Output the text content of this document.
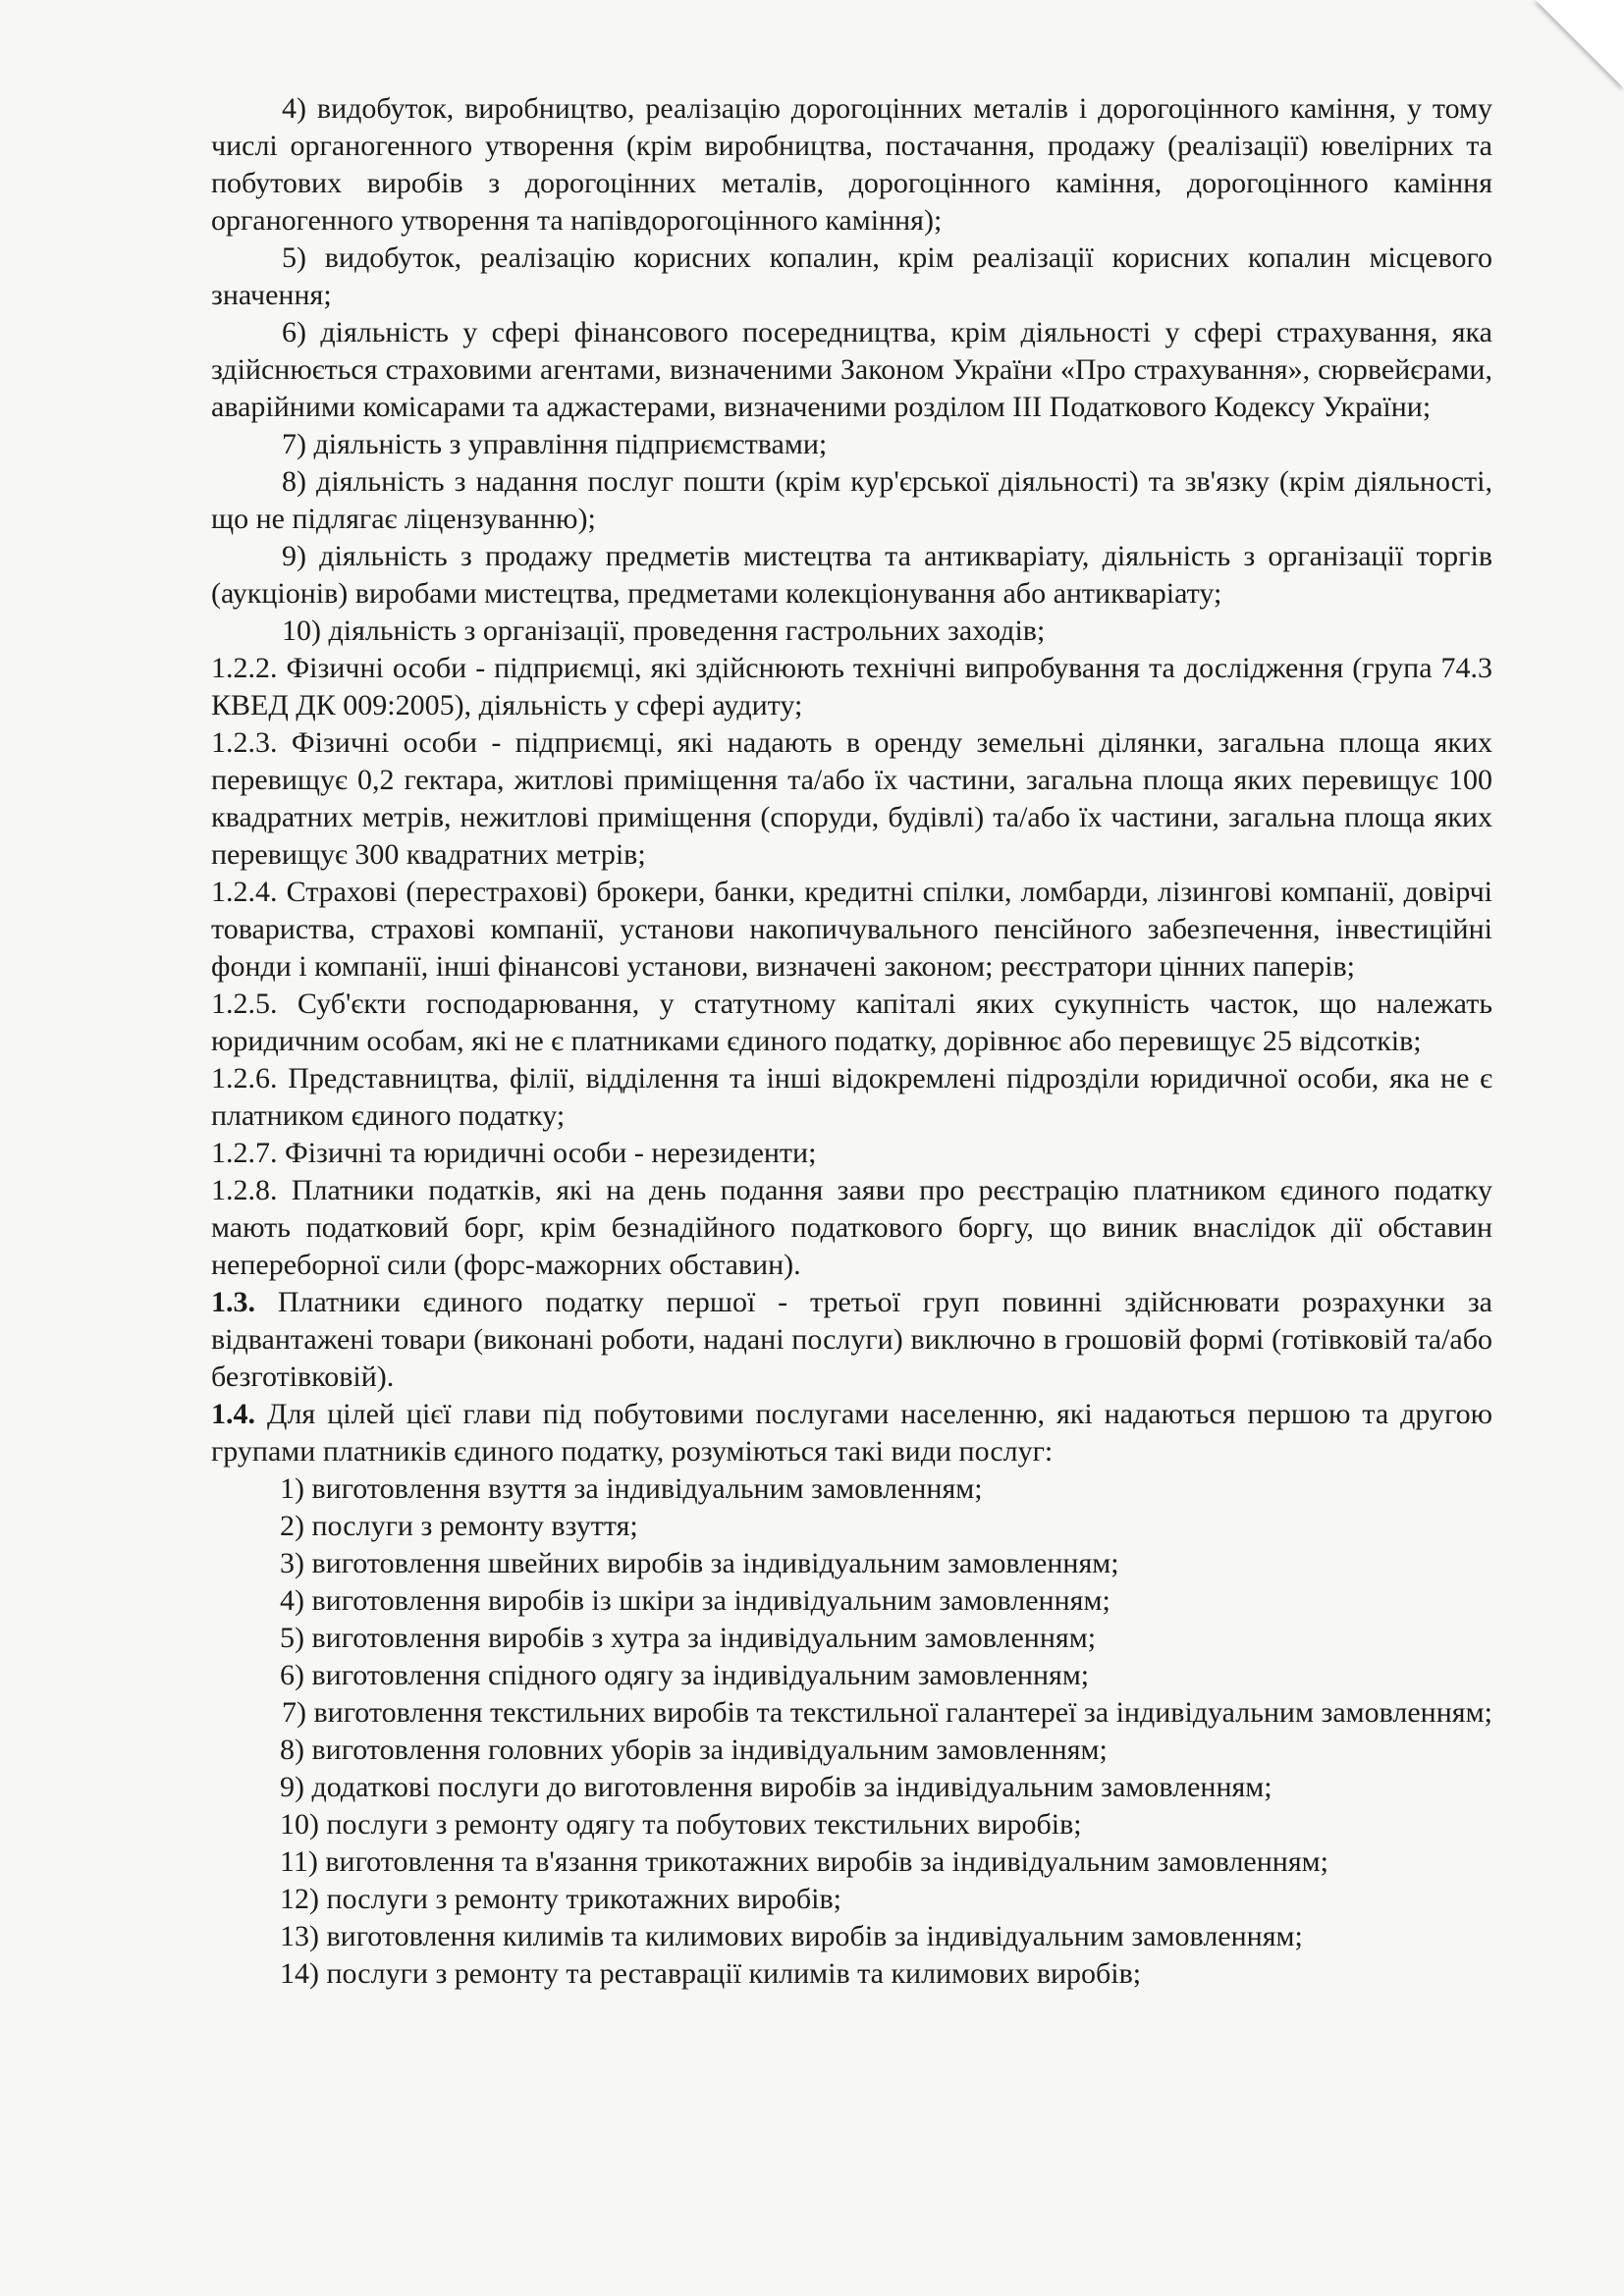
4) видобуток, виробництво, реалізацію дорогоцінних металів і дорогоцінного каміння, у тому числі органогенного утворення (крім виробництва, постачання, продажу (реалізації) ювелірних та побутових виробів з дорогоцінних металів, дорогоцінного каміння, дорогоцінного каміння органогенного утворення та напівдорогоцінного каміння);

5) видобуток, реалізацію корисних копалин, крім реалізації корисних копалин місцевого значення;

6) діяльність у сфері фінансового посередництва, крім діяльності у сфері страхування, яка здійснюється страховими агентами, визначеними Законом України «Про страхування», сюрвейєрами, аварійними комісарами та аджастерами, визначеними розділом III Податкового Кодексу України;

7) діяльність з управління підприємствами;

8) діяльність з надання послуг пошти (крім кур'єрської діяльності) та зв'язку (крім діяльності, що не підлягає ліцензуванню);

9) діяльність з продажу предметів мистецтва та антикваріату, діяльність з організації торгів (аукціонів) виробами мистецтва, предметами колекціонування або антикваріату;

10) діяльність з організації, проведення гастрольних заходів;

1.2.2. Фізичні особи - підприємці, які здійснюють технічні випробування та дослідження (група 74.3 КВЕД ДК 009:2005), діяльність у сфері аудиту;

1.2.3. Фізичні особи - підприємці, які надають в оренду земельні ділянки, загальна площа яких перевищує 0,2 гектара, житлові приміщення та/або їх частини, загальна площа яких перевищує 100 квадратних метрів, нежитлові приміщення (споруди, будівлі) та/або їх частини, загальна площа яких перевищує 300 квадратних метрів;

1.2.4. Страхові (перестрахові) брокери, банки, кредитні спілки, ломбарди, лізингові компанії, довірчі товариства, страхові компанії, установи накопичувального пенсійного забезпечення, інвестиційні фонди і компанії, інші фінансові установи, визначені законом; реєстратори цінних паперів;

1.2.5. Суб'єкти господарювання, у статутному капіталі яких сукупність часток, що належать юридичним особам, які не є платниками єдиного податку, дорівнює або перевищує 25 відсотків;

1.2.6. Представництва, філії, відділення та інші відокремлені підрозділи юридичної особи, яка не є платником єдиного податку;

1.2.7. Фізичні та юридичні особи - нерезиденти;

1.2.8. Платники податків, які на день подання заяви про реєстрацію платником єдиного податку мають податковий борг, крім безнадійного податкового боргу, що виник внаслідок дії обставин непереборної сили (форс-мажорних обставин).

1.3. Платники єдиного податку першої - третьої груп повинні здійснювати розрахунки за відвантажені товари (виконані роботи, надані послуги) виключно в грошовій формі (готівковій та/або безготівковій).

1.4. Для цілей цієї глави під побутовими послугами населенню, які надаються першою та другою групами платників єдиного податку, розуміються такі види послуг:

1) виготовлення взуття за індивідуальним замовленням;

2) послуги з ремонту взуття;

3) виготовлення швейних виробів за індивідуальним замовленням;

4) виготовлення виробів із шкіри за індивідуальним замовленням;

5) виготовлення виробів з хутра за індивідуальним замовленням;

6) виготовлення спідного одягу за індивідуальним замовленням;

7) виготовлення текстильних виробів та текстильної галантереї за індивідуальним замовленням;

8) виготовлення головних уборів за індивідуальним замовленням;

9) додаткові послуги до виготовлення виробів за індивідуальним замовленням;

10) послуги з ремонту одягу та побутових текстильних виробів;

11) виготовлення та в'язання трикотажних виробів за індивідуальним замовленням;

12) послуги з ремонту трикотажних виробів;

13) виготовлення килимів та килимових виробів за індивідуальним замовленням;

14) послуги з ремонту та реставрації килимів та килимових виробів;
